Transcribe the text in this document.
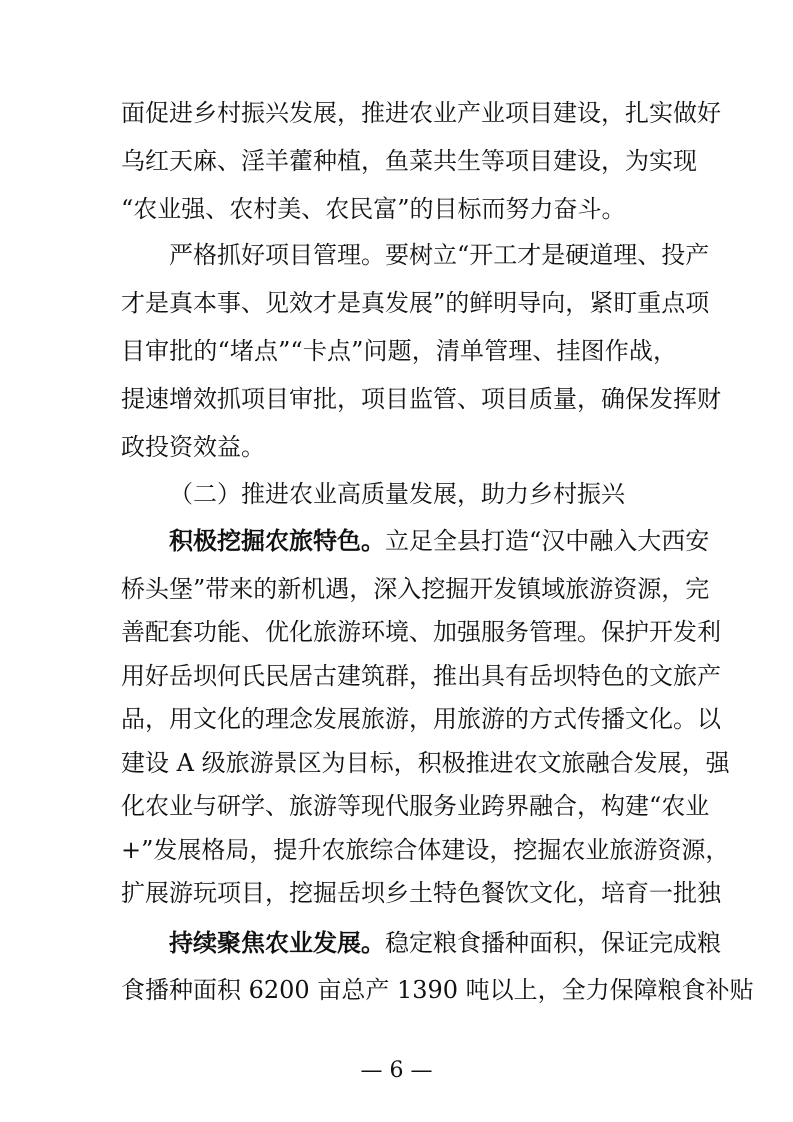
面促进乡村振兴发展，推进农业产业项目建设，扎实做好
乌红天麻、淫羊藿种植，鱼菜共生等项目建设，为实现
“农业强、农村美、农民富”的目标而努力奋斗。
严格抓好项目管理。要树立“开工才是硬道理、投产
才是真本事、见效才是真发展”的鲜明导向，紧盯重点项
目审批的“堵点”“卡点”问题，清单管理、挂图作战，
提速增效抓项目审批，项目监管、项目质量，确保发挥财
政投资效益。
（二）推进农业高质量发展，助力乡村振兴
积极挖掘农旅特色。立足全县打造“汉中融入大西安
桥头堡”带来的新机遇，深入挖掘开发镇域旅游资源，完
善配套功能、优化旅游环境、加强服务管理。保护开发利
用好岳坝何氏民居古建筑群，推出具有岳坝特色的文旅产
品，用文化的理念发展旅游，用旅游的方式传播文化。以
建设 A 级旅游景区为目标，积极推进农文旅融合发展，强
化农业与研学、旅游等现代服务业跨界融合，构建“农业
+”发展格局，提升农旅综合体建设，挖掘农业旅游资源，
扩展游玩项目，挖掘岳坝乡土特色餐饮文化，培育一批独
— 6 —
持续聚焦农业发展。稳定粮食播种面积，保证完成粮
食播种面积 6200 亩总产 1390 吨以上，全力保障粮食补贴
